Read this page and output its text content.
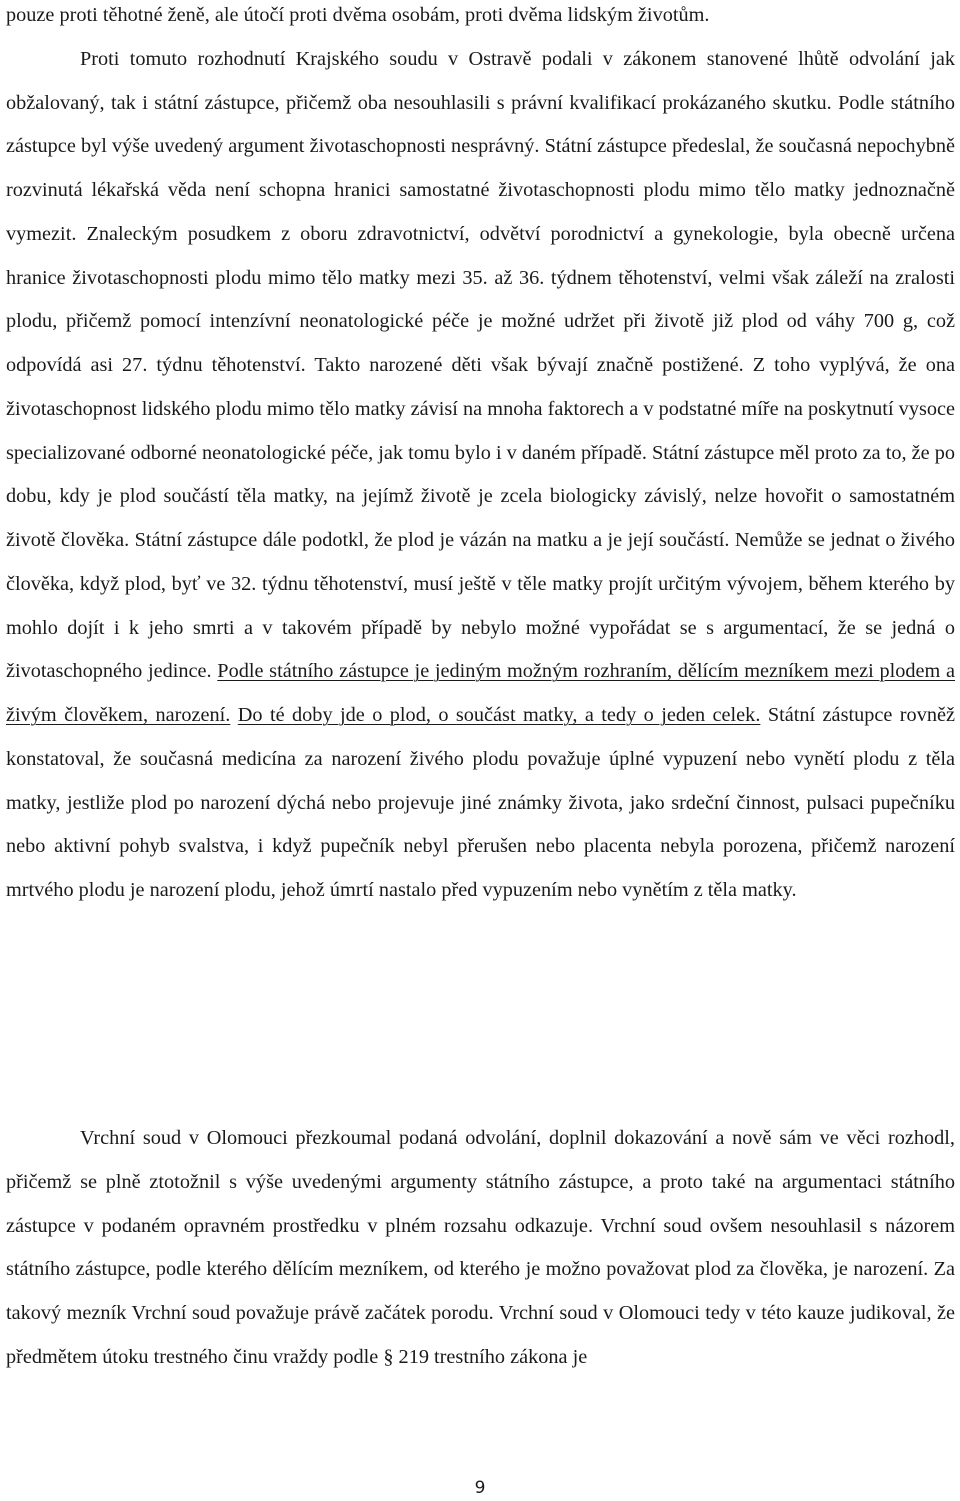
pouze proti těhotné ženě, ale útočí proti dvěma osobám, proti dvěma lidským životům.

Proti tomuto rozhodnutí Krajského soudu v Ostravě podali v zákonem stanovené lhůtě odvolání jak obžalovaný, tak i státní zástupce, přičemž oba nesouhlasili s právní kvalifikací prokázaného skutku. Podle státního zástupce byl výše uvedený argument životaschopnosti nesprávný. Státní zástupce předeslal, že současná nepochybně rozvinutá lékařská věda není schopna hranici samostatné životaschopnosti plodu mimo tělo matky jednoznačně vymezit. Znaleckým posudkem z oboru zdravotnictví, odvětví porodnictví a gynekologie, byla obecně určena hranice životaschopnosti plodu mimo tělo matky mezi 35. až 36. týdnem těhotenství, velmi však záleží na zralosti plodu, přičemž pomocí intenzívní neonatologické péče je možné udržet při životě již plod od váhy 700 g, což odpovídá asi 27. týdnu těhotenství. Takto narozené děti však bývají značně postižené. Z toho vyplývá, že ona životaschopnost lidského plodu mimo tělo matky závisí na mnoha faktorech a v podstatné míře na poskytnutí vysoce specializované odborné neonatologické péče, jak tomu bylo i v daném případě. Státní zástupce měl proto za to, že po dobu, kdy je plod součástí těla matky, na jejímž životě je zcela biologicky závislý, nelze hovořit o samostatném životě člověka. Státní zástupce dále podotkl, že plod je vázán na matku a je její součástí. Nemůže se jednat o živého člověka, když plod, byť ve 32. týdnu těhotenství, musí ještě v těle matky projít určitým vývojem, během kterého by mohlo dojít i k jeho smrti a v takovém případě by nebylo možné vypořádat se s argumentací, že se jedná o životaschopného jedince. Podle státního zástupce je jediným možným rozhraním, dělícím mezníkem mezi plodem a živým člověkem, narození. Do té doby jde o plod, o součást matky, a tedy o jeden celek. Státní zástupce rovněž konstatoval, že současná medicína za narození živého plodu považuje úplné vypuzení nebo vynětí plodu z těla matky, jestliže plod po narození dýchá nebo projevuje jiné známky života, jako srdeční činnost, pulsaci pupečníku nebo aktivní pohyb svalstva, i když pupečník nebyl přerušen nebo placenta nebyla porozena, přičemž narození mrtvého plodu je narození plodu, jehož úmrtí nastalo před vypuzením nebo vynětím z těla matky.

Vrchní soud v Olomouci přezkoumal podaná odvolání, doplnil dokazování a nově sám ve věci rozhodl, přičemž se plně ztotožnil s výše uvedenými argumenty státního zástupce, a proto také na argumentaci státního zástupce v podaném opravném prostředku v plném rozsahu odkazuje. Vrchní soud ovšem nesouhlasil s názorem státního zástupce, podle kterého dělícím mezníkem, od kterého je možno považovat plod za člověka, je narození. Za takový mezník Vrchní soud považuje právě začátek porodu. Vrchní soud v Olomouci tedy v této kauze judikoval, že předmětem útoku trestného činu vraždy podle § 219 trestního zákona je

9
